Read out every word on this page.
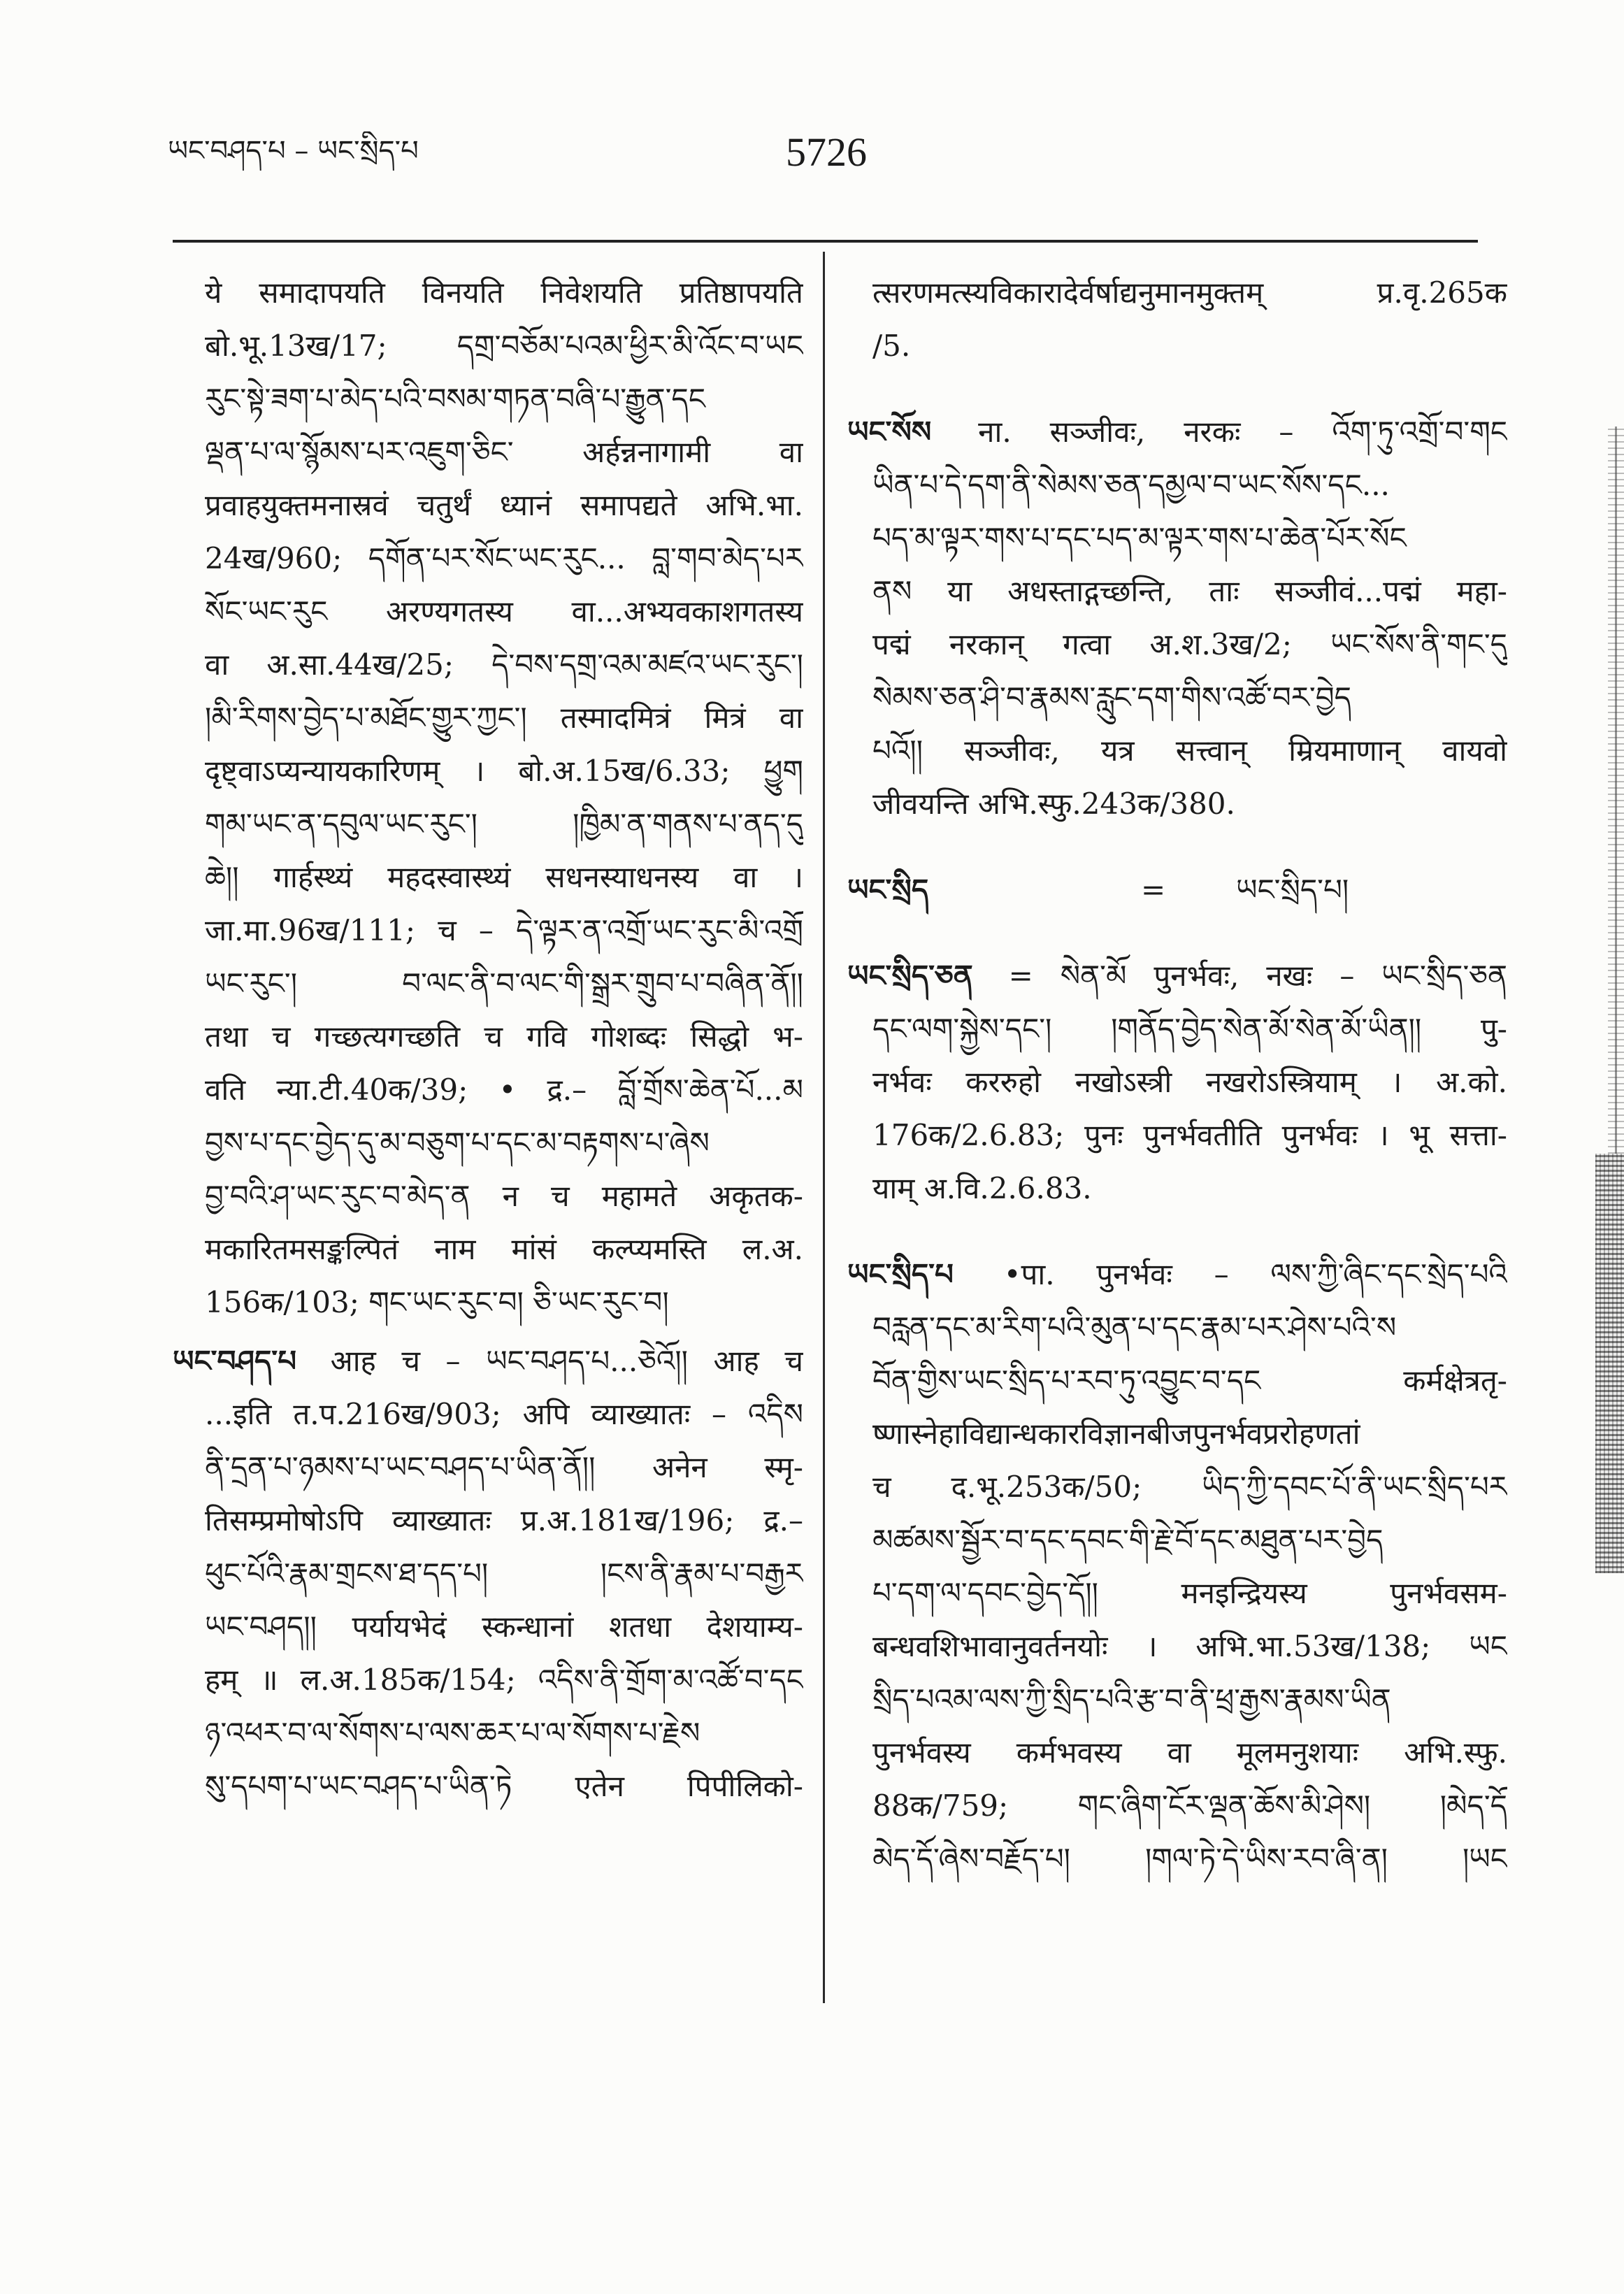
ཡང་བཤད་པ – ཡང་སྲིད་པ	5726
ये समादापयति विनयति निवेशयति प्रतिष्ठापयति
बो.भू.13ख/17; དགྲ་བཅོམ་པའམ་ཕྱིར་མི་འོང་བ་ཡང
རུང་སྟེ་ཟག་པ་མེད་པའི་བསམ་གཏན་བཞི་པ་རྒྱུན་དང
ལྡན་པ་ལ་སྙོམས་པར་འཇུག་ཅིང་ अर्हन्ननागामी वा
प्रवाहयुक्तमनास्रवं चतुर्थं ध्यानं समापद्यते अभि.भा.
24ख/960; དགོན་པར་སོང་ཡང་རུང... བླ་གབ་མེད་པར
སོང་ཡང་རུང अरण्यगतस्य वा...अभ्यवकाशगतस्य
वा अ.सा.44ख/25; དེ་བས་དགྲ་འམ་མཛའ་ཡང་རུང་།
།མི་རིགས་བྱེད་པ་མཐོང་གྱུར་ཀྱང་། तस्मादमित्रं मित्रं वा
दृष्ट्वाऽप्यन्यायकारिणम् । बो.अ.15ख/6.33; ཕྱུག
གམ་ཡང་ན་དབུལ་ཡང་རུང་། །ཁྱིམ་ན་གནས་པ་ནད་དུ
ཆེ།། गार्हस्थ्यं महदस्वास्थ्यं सधनस्याधनस्य वा ।
जा.मा.96ख/111; च – དེ་ལྟར་ན་འགྲོ་ཡང་རུང་མི་འགྲོ
ཡང་རུང་། བ་ལང་ནི་བ་ལང་གི་སྒྲར་གྲུབ་པ་བཞིན་ནོ།།
तथा च गच्छत्यगच्छति च गवि गोशब्दः सिद्धो भ-
वति न्या.टी.40क/39; • द्र.– བློ་གྲོས་ཆེན་པོ...མ
བྱས་པ་དང་བྱེད་དུ་མ་བཅུག་པ་དང་མ་བརྟགས་པ་ཞེས
བྱ་བའི་ཤ་ཡང་རུང་བ་མེད་ན न च महामते अकृतक-
मकारितमसङ्कल्पितं नाम मांसं कल्प्यमस्ति ल.अ.
156क/103; གང་ཡང་རུང་བ། ཅི་ཡང་རུང་བ།
ཡང་བཤད་པ आह च – ཡང་བཤད་པ...ཅེའོ།། आह च
...इति त.प.216ख/903; अपि व्याख्यातः – འདིས
ནི་དྲན་པ་ཉམས་པ་ཡང་བཤད་པ་ཡིན་ནོ།། अनेन स्मृ-
तिसम्प्रमोषोऽपि व्याख्यातः प्र.अ.181ख/196; द्र.–
ཕུང་པོའི་རྣམ་གྲངས་ཐ་དད་པ། །ངས་ནི་རྣམ་པ་བརྒྱར
ཡང་བཤད།། पर्यायभेदं स्कन्धानां शतधा देशयाम्य-
हम् ॥ ल.अ.185क/154; འདིས་ནི་གྲོག་མ་འཚོ་བ་དང
ཉ་འཕར་བ་ལ་སོགས་པ་ལས་ཆར་པ་ལ་སོགས་པ་རྗེས
སུ་དཔག་པ་ཡང་བཤད་པ་ཡིན་ཏེ एतेन पिपीलिको-
त्सरणमत्स्यविकारादेर्वर्षाद्यनुमानमुक्तम् प्र.वृ.265क
/5.
ཡང་སོས ना. सञ्जीवः, नरकः – འོག་ཏུ་འགྲོ་བ་གང
ཡིན་པ་དེ་དག་ནི་སེམས་ཅན་དམྱལ་བ་ཡང་སོས་དང...
པད་མ་ལྟར་གས་པ་དང་པད་མ་ལྟར་གས་པ་ཆེན་པོར་སོང
ནས या अधस्ताद्गच्छन्ति, ताः सञ्जीवं...पद्मं महा-
पद्मं नरकान् गत्वा अ.श.3ख/2; ཡང་སོས་ནི་གང་དུ
སེམས་ཅན་ཤི་བ་རྣམས་རླུང་དག་གིས་འཚོ་བར་བྱེད
པའོ།། सञ्जीवः, यत्र सत्त्वान् म्रियमाणान् वायवो
जीवयन्ति अभि.स्फु.243क/380.
ཡང་སྲིད	= ཡང་སྲིད་པ།
ཡང་སྲིད་ཅན = སེན་མོ पुनर्भवः, नखः – ཡང་སྲིད་ཅན
དང་ལག་སྐྱེས་དང་། །གནོད་བྱེད་སེན་མོ་སེན་མོ་ཡིན།། पु-
नर्भवः कररुहो नखोऽस्त्री नखरोऽस्त्रियाम् । अ.को.
176क/2.6.83; पुनः पुनर्भवतीति पुनर्भवः । भू सत्ता-
याम् अ.वि.2.6.83.
ཡང་སྲིད་པ •पा. पुनर्भवः – ལས་ཀྱི་ཞིང་དང་སྲེད་པའི
བརླན་དང་མ་རིག་པའི་མུན་པ་དང་རྣམ་པར་ཤེས་པའི་ས
བོན་གྱིས་ཡང་སྲིད་པ་རབ་ཏུ་འབྱུང་བ་དང कर्मक्षेत्रतृ-
ष्णास्नेहाविद्यान्धकारविज्ञानबीजपुनर्भवप्ररोहणतां
च द.भू.253क/50; ཡིད་ཀྱི་དབང་པོ་ནི་ཡང་སྲིད་པར
མཚམས་སྦྱོར་བ་དང་དབང་གི་རྗེ་བོ་དང་མཐུན་པར་བྱེད
པ་དག་ལ་དབང་བྱེད་དོ།། मनइन्द्रियस्य पुनर्भवसम-
बन्धवशिभावानुवर्तनयोः । अभि.भा.53ख/138; ཡང
སྲིད་པའམ་ལས་ཀྱི་སྲིད་པའི་རྩ་བ་ནི་ཕྲ་རྒྱས་རྣམས་ཡིན
पुनर्भवस्य कर्मभवस्य वा मूलमनुशयाः अभि.स्फु.
88क/759; གང་ཞིག་ངོར་ལྡན་ཆོས་མི་ཤེས། །མེད་དོ
མེད་དོ་ཞེས་བརྗོད་པ། །གལ་ཏེ་དེ་ཡིས་རབ་ཞི་ན། །ཡང
